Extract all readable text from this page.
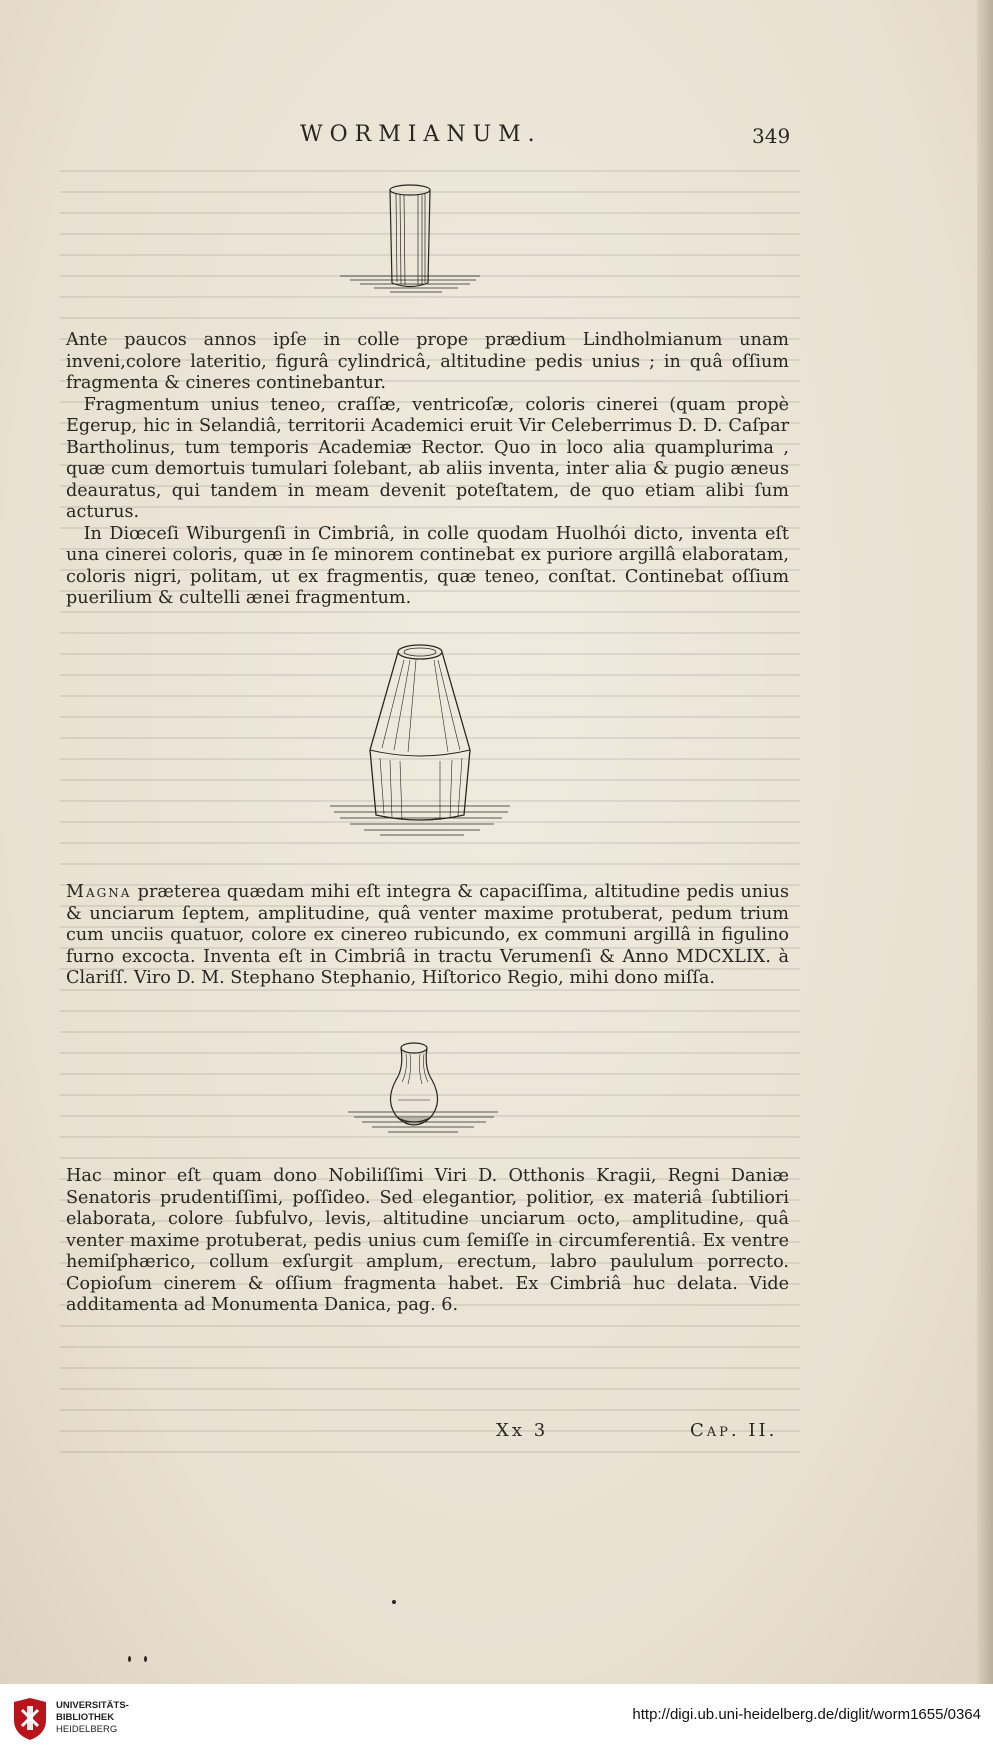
WORMIANUM.	349

Ante paucos annos ipſe in colle prope prædium Lindholmianum unam inveni,colore lateritio, figurâ cylindricâ, altitudine pedis unius ; in quâ oſſium fragmenta & cineres continebantur.

Fragmentum unius teneo, craſſæ, ventricoſæ, coloris cinerei (quam propè Egerup, hic in Selandiâ, territorii Academici eruit Vir Celeberrimus D. D. Caſpar Bartholinus, tum temporis Academiæ Rector. Quo in loco alia quamplurima , quæ cum demortuis tumulari ſolebant, ab aliis inventa, inter alia & pugio æneus deauratus, qui tandem in meam devenit poteſtatem, de quo etiam alibi ſum acturus.

In Diœceſi Wiburgenſi in Cimbriâ, in colle quodam Huolhói dicto, inventa eſt una cinerei coloris, quæ in ſe minorem continebat ex puriore argillâ elaboratam, coloris nigri, politam, ut ex fragmentis, quæ teneo, conſtat. Continebat oſſium puerilium & cultelli ænei fragmentum.

Magna præterea quædam mihi eſt integra & capaciſſima, altitudine pedis unius & unciarum ſeptem, amplitudine, quâ venter maxime protuberat, pedum trium cum unciis quatuor, colore ex cinereo rubicundo, ex communi argillâ in figulino furno excocta. Inventa eſt in Cimbriâ in tractu Verumenſi & Anno MDCXLIX. à Clariſſ. Viro D. M. Stephano Stephanio, Hiſtorico Regio, mihi dono miſſa.

Hac minor eſt quam dono Nobiliſſimi Viri D. Otthonis Kragii, Regni Daniæ Senatoris prudentiſſimi, poſſideo. Sed elegantior, politior, ex materiâ ſubtiliori elaborata, colore ſubfulvo, levis, altitudine unciarum octo, amplitudine, quâ venter maxime protuberat, pedis unius cum ſemiſſe in circumferentiâ. Ex ventre hemiſphærico, collum exſurgit amplum, erectum, labro paululum porrecto. Copioſum cinerem & oſſium fragmenta habet. Ex Cimbriâ huc delata. Vide additamenta ad Monumenta Danica, pag. 6.

Xx 3	Cap. II.
UNIVERSITÄTS-
BIBLIOTHEK
HEIDELBERG
http://digi.ub.uni-heidelberg.de/diglit/worm1655/0364
